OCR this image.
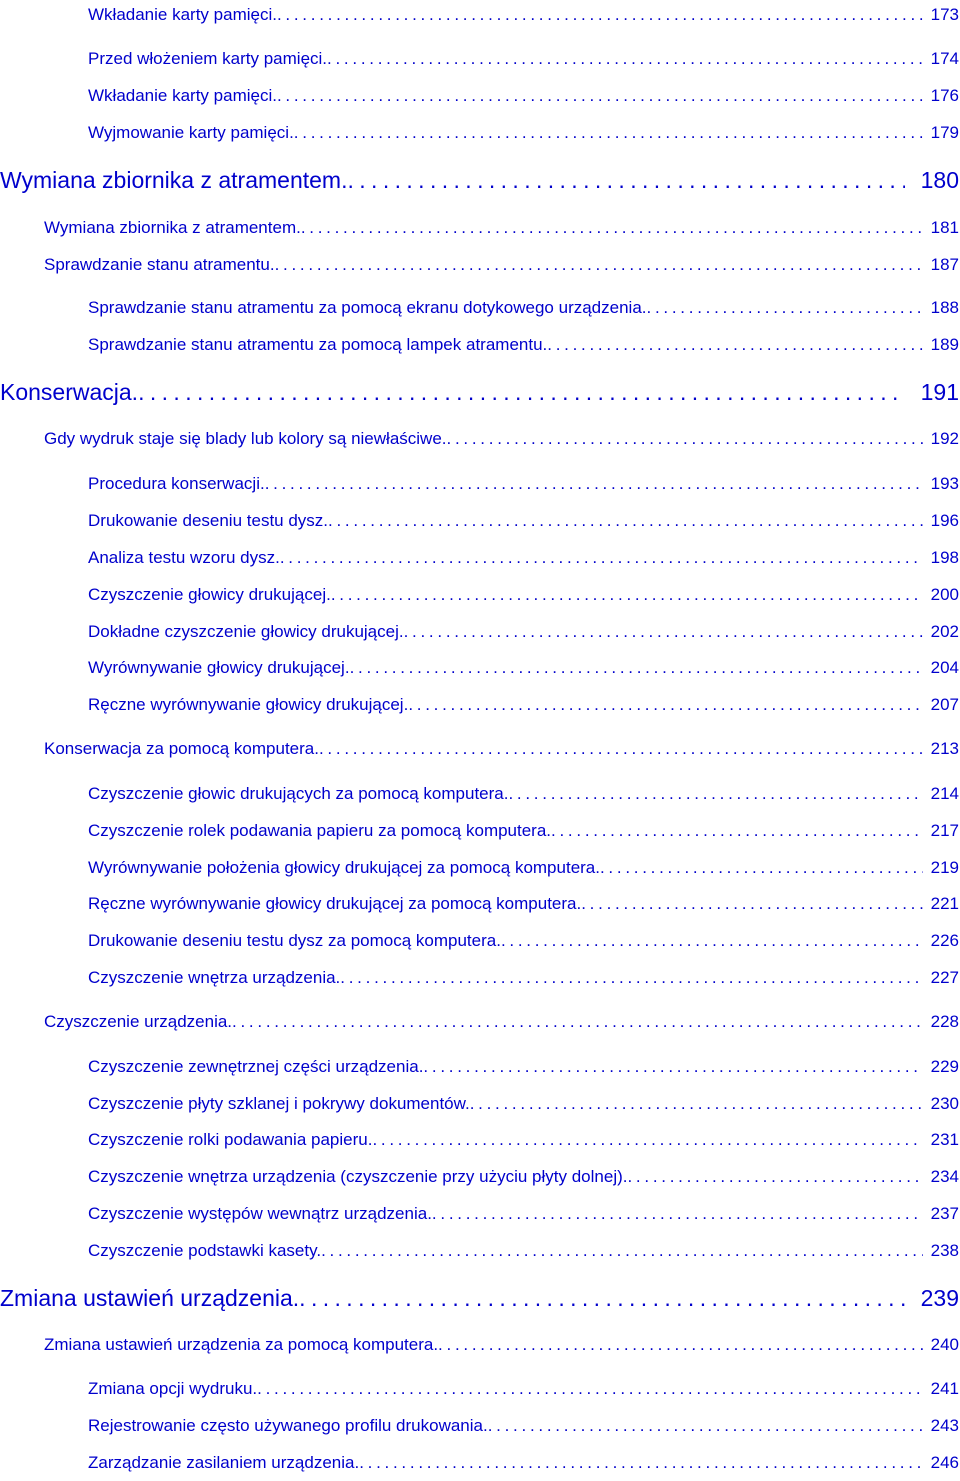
Wkładanie karty pamięci. . . .	173
Przed włożeniem karty pamięci. . . .	174
Wkładanie karty pamięci. . . .	176
Wyjmowanie karty pamięci. . . .	179
Wymiana zbiornika z atramentem. . . .	180
Wymiana zbiornika z atramentem. . . .	181
Sprawdzanie stanu atramentu. . . .	187
Sprawdzanie stanu atramentu za pomocą ekranu dotykowego urządzenia. . . .	188
Sprawdzanie stanu atramentu za pomocą lampek atramentu. . . .	189
Konserwacja. . . .	191
Gdy wydruk staje się blady lub kolory są niewłaściwe. . . .	192
Procedura konserwacji. . . .	193
Drukowanie deseniu testu dysz. . . .	196
Analiza testu wzoru dysz. . . .	198
Czyszczenie głowicy drukującej. . . .	200
Dokładne czyszczenie głowicy drukującej. . . .	202
Wyrównywanie głowicy drukującej. . . .	204
Ręczne wyrównywanie głowicy drukującej. . . .	207
Konserwacja za pomocą komputera. . . .	213
Czyszczenie głowic drukujących za pomocą komputera. . . .	214
Czyszczenie rolek podawania papieru za pomocą komputera. . . .	217
Wyrównywanie położenia głowicy drukującej za pomocą komputera. . . .	219
Ręczne wyrównywanie głowicy drukującej za pomocą komputera. . . .	221
Drukowanie deseniu testu dysz za pomocą komputera. . . .	226
Czyszczenie wnętrza urządzenia. . . .	227
Czyszczenie urządzenia. . . .	228
Czyszczenie zewnętrznej części urządzenia. . . .	229
Czyszczenie płyty szklanej i pokrywy dokumentów. . . .	230
Czyszczenie rolki podawania papieru. . . .	231
Czyszczenie wnętrza urządzenia (czyszczenie przy użyciu płyty dolnej). . . .	234
Czyszczenie występów wewnątrz urządzenia. . . .	237
Czyszczenie podstawki kasety. . . .	238
Zmiana ustawień urządzenia. . . .	239
Zmiana ustawień urządzenia za pomocą komputera. . . .	240
Zmiana opcji wydruku. . . .	241
Rejestrowanie często używanego profilu drukowania. . . .	243
Zarządzanie zasilaniem urządzenia. . . .	246
